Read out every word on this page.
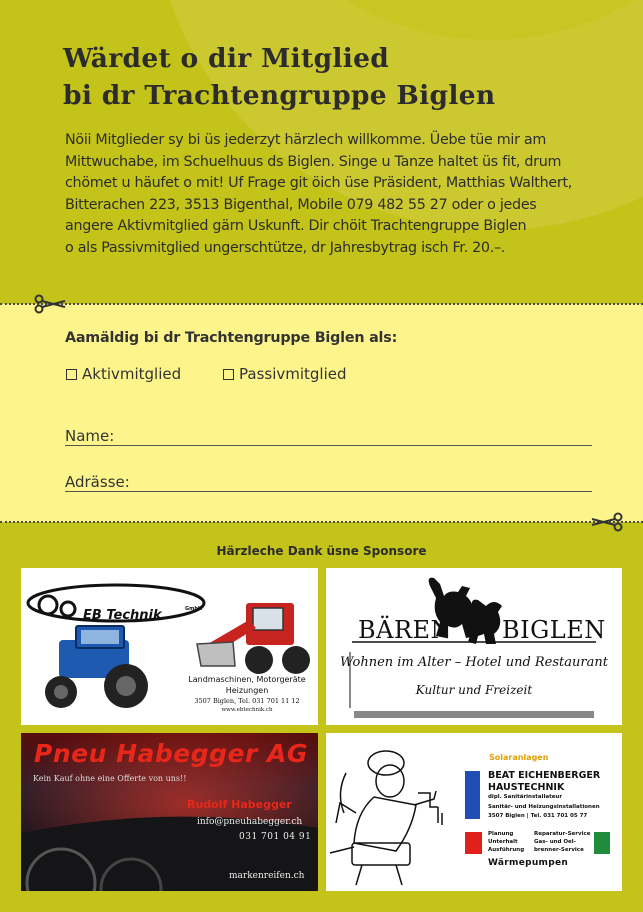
Wärdet o dir Mitglied
bi dr Trachtengruppe Biglen

Nöii Mitglieder sy bi üs jederzyt härzlech willkomme. Üebe tüe mir am
Mittwuchabe, im Schuelhuus ds Biglen. Singe u Tanze haltet üs fit, drum
chömet u häufet o mit! Uf Frage git öich üse Präsident, Matthias Walthert,
Bitterachen 223, 3513 Bigenthal, Mobile 079 482 55 27 oder o jedes
angere Aktivmitglied gärn Uskunft. Dir chöit Trachtengruppe Biglen
o als Passivmitglied ungerschtütze, dr Jahresbytrag isch Fr. 20.–.

Aamäldig bi dr Trachtengruppe Biglen als:
Aktivmitglied	Passivmitglied
Name:
Adrässe:
Härzleche Dank üsne Sponsore
EB Technik	GmbH
Landmaschinen, Motorgeräte
Heizungen
3507 Biglen, Tel. 031 701 11 12
www.ebtechnik.ch
BÄREN BIGLEN
Wohnen im Alter – Hotel und Restaurant
Kultur und Freizeit
Pneu Habegger AG
Kein Kauf ohne eine Offerte von uns!!
Rudolf Habegger
info@pneuhabegger.ch
031 701 04 91
markenreifen.ch
Solaranlagen
BEAT EICHENBERGER
HAUSTECHNIK
dipl. Sanitärinstallateur
Sanitär- und Heizungsinstallationen
3507 Biglen | Tel. 031 701 05 77
Planung
Unterhalt
Ausführung
Reparatur-Service
Gas- und Oel-
brenner-Service
Wärmepumpen
